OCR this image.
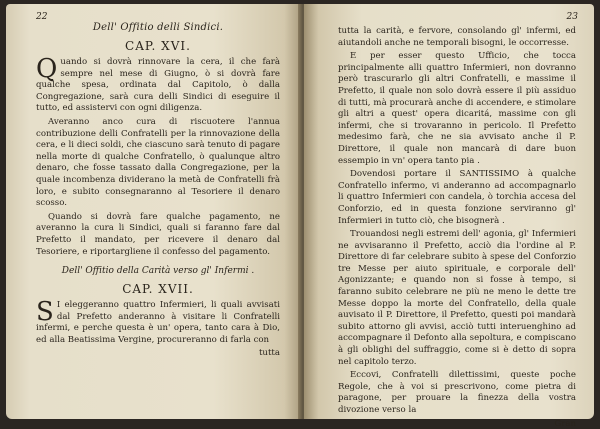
22
Dell' Offitio delli Sindici.
CAP. XVI.

Quando si dovrà rinnovare la cera, il che farà sempre nel mese di Giugno, ò si dovrà fare qualche spesa, ordinata dal Capitolo, ò dalla Congregazione, sarà cura delli Sindici di eseguire il tutto, ed assistervi con ogni diligenza.

Averanno anco cura di riscuotere l'annua contribuzione delli Confratelli per la rinnovazione della cera, e li dieci soldi, che ciascuno sarà tenuto di pagare nella morte di qualche Confratello, ò qualunque altro denaro, che fosse tassato dalla Congregazione, per la quale incombenza dividerano la metà de Confratelli frà loro, e subito consegnaranno al Tesoriere il denaro scosso.

Quando si dovrà fare qualche pagamento, ne averanno la cura li Sindici, quali si faranno fare dal Prefetto il mandato, per ricevere il denaro dal Tesoriere, e riportargliene il confesso del pagamento.

Dell' Offitio della Carità verso gl' Infermi .
CAP. XVII.

S I eleggeranno quattro Infermieri, li quali avvisati dal Prefetto anderanno à visitare li Confratelli infermi, e perche questa è un' opera, tanto cara à Dio, ed alla Beatissima Vergine, procureranno di farla con

tutta
23

tutta la carità, e fervore, consolando gl' infermi, ed aiutandoli anche ne temporali bisogni, le occorresse.

E per esser questo Ufficio, che tocca principalmente alli quattro Infermieri, non dovranno però trascurarlo gli altri Confratelli, e massime il Prefetto, il quale non solo dovrà essere il più assiduo di tutti, mà procurarà anche di accendere, e stimolare gli altri a quest' opera dicaritá, massime con gli infermi, che si trovaranno in pericolo. Il Prefetto medesimo farà, che ne sia avvisato anche il P. Direttore, il quale non mancarà di dare buon essempio in vn' opera tanto pia .

Dovendosi portare il SANTISSIMO à qualche Confratello infermo, vi anderanno ad accompagnarlo li quattro Infermieri con candela, ò torchia accesa del Conforzio, ed in questa fonzione serviranno gl' Infermieri in tutto ciò, che bisognerà .

Trouandosi negli estremi dell' agonia, gl' Infermieri ne avvisaranno il Prefetto, acciò dia l'ordine al P. Direttore di far celebrare subito à spese del Conforzio tre Messe per aiuto spirituale, e corporale dell' Agonizzante; e quando non si fosse à tempo, si faranno subito celebrare ne più ne meno le dette tre Messe doppo la morte del Confratello, della quale auvisato il P. Direttore, il Prefetto, questi poi mandarà subito attorno gli avvisi, acciò tutti interuenghino ad accompagnare il Defonto alla sepoltura, e compiscano à gli oblighi del suffraggio, come si è detto di sopra nel capitolo terzo.

Eccovi, Confratelli dilettissimi, queste poche Regole, che à voi si prescrivono, come pietra di paragone, per prouare la finezza della vostra divozione verso la

Gran
